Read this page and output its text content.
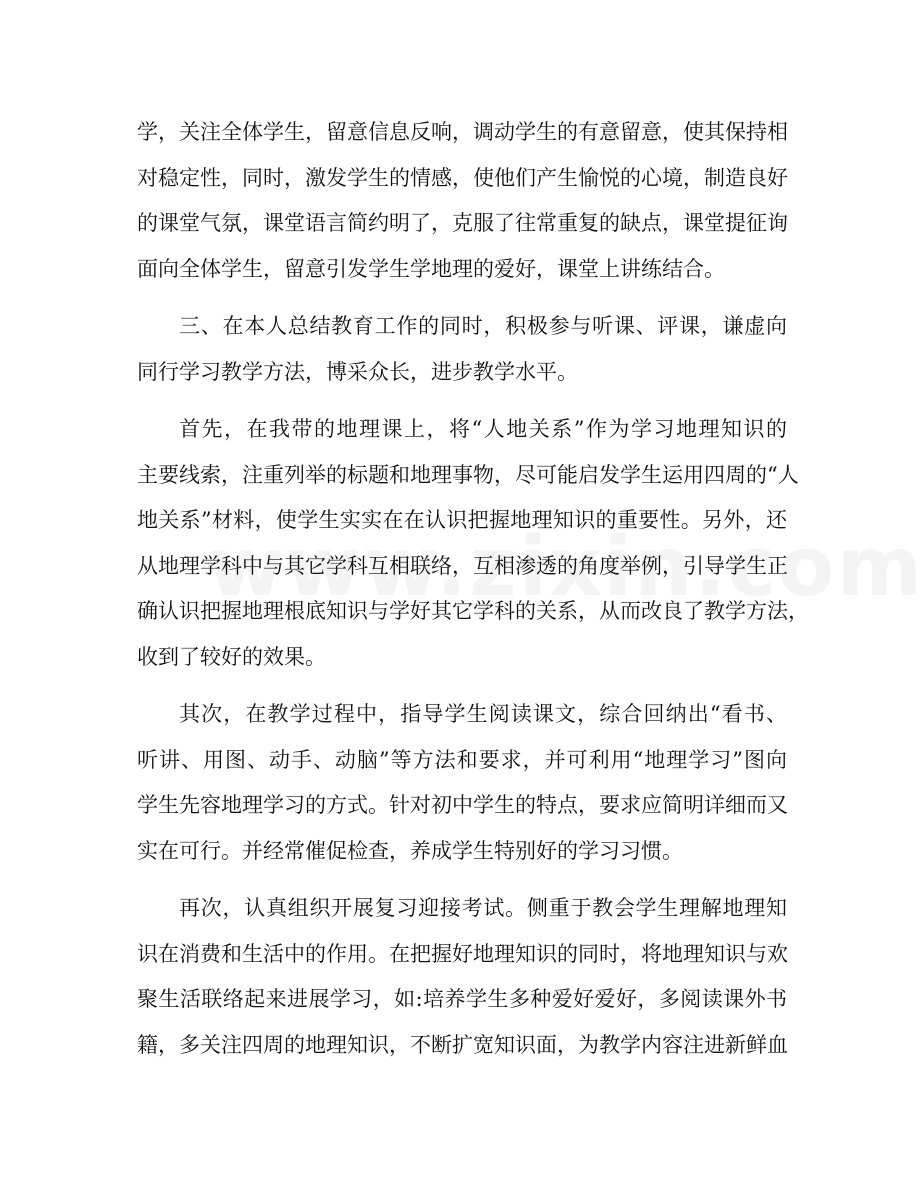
学，关注全体学生，留意信息反响，调动学生的有意留意，使其保持相
对稳定性，同时，激发学生的情感，使他们产生愉悦的心境，制造良好
的课堂气氛，课堂语言简约明了，克服了往常重复的缺点，课堂提征询
面向全体学生，留意引发学生学地理的爱好，课堂上讲练结合。
三、在本人总结教育工作的同时，积极参与听课、评课，谦虚向
同行学习教学方法，博采众长，进步教学水平。
首先，在我带的地理课上，将“人地关系”作为学习地理知识的
主要线索，注重列举的标题和地理事物，尽可能启发学生运用四周的“人
地关系”材料，使学生实实在在认识把握地理知识的重要性。另外，还
从地理学科中与其它学科互相联络，互相渗透的角度举例，引导学生正
确认识把握地理根底知识与学好其它学科的关系，从而改良了教学方法，
收到了较好的效果。
其次，在教学过程中，指导学生阅读课文，综合回纳出“看书、
听讲、用图、动手、动脑”等方法和要求，并可利用“地理学习”图向
学生先容地理学习的方式。针对初中学生的特点，要求应简明详细而又
实在可行。并经常催促检查，养成学生特别好的学习习惯。
再次，认真组织开展复习迎接考试。侧重于教会学生理解地理知
识在消费和生活中的作用。在把握好地理知识的同时，将地理知识与欢
聚生活联络起来进展学习，如:培养学生多种爱好爱好，多阅读课外书
籍，多关注四周的地理知识，不断扩宽知识面，为教学内容注进新鲜血
